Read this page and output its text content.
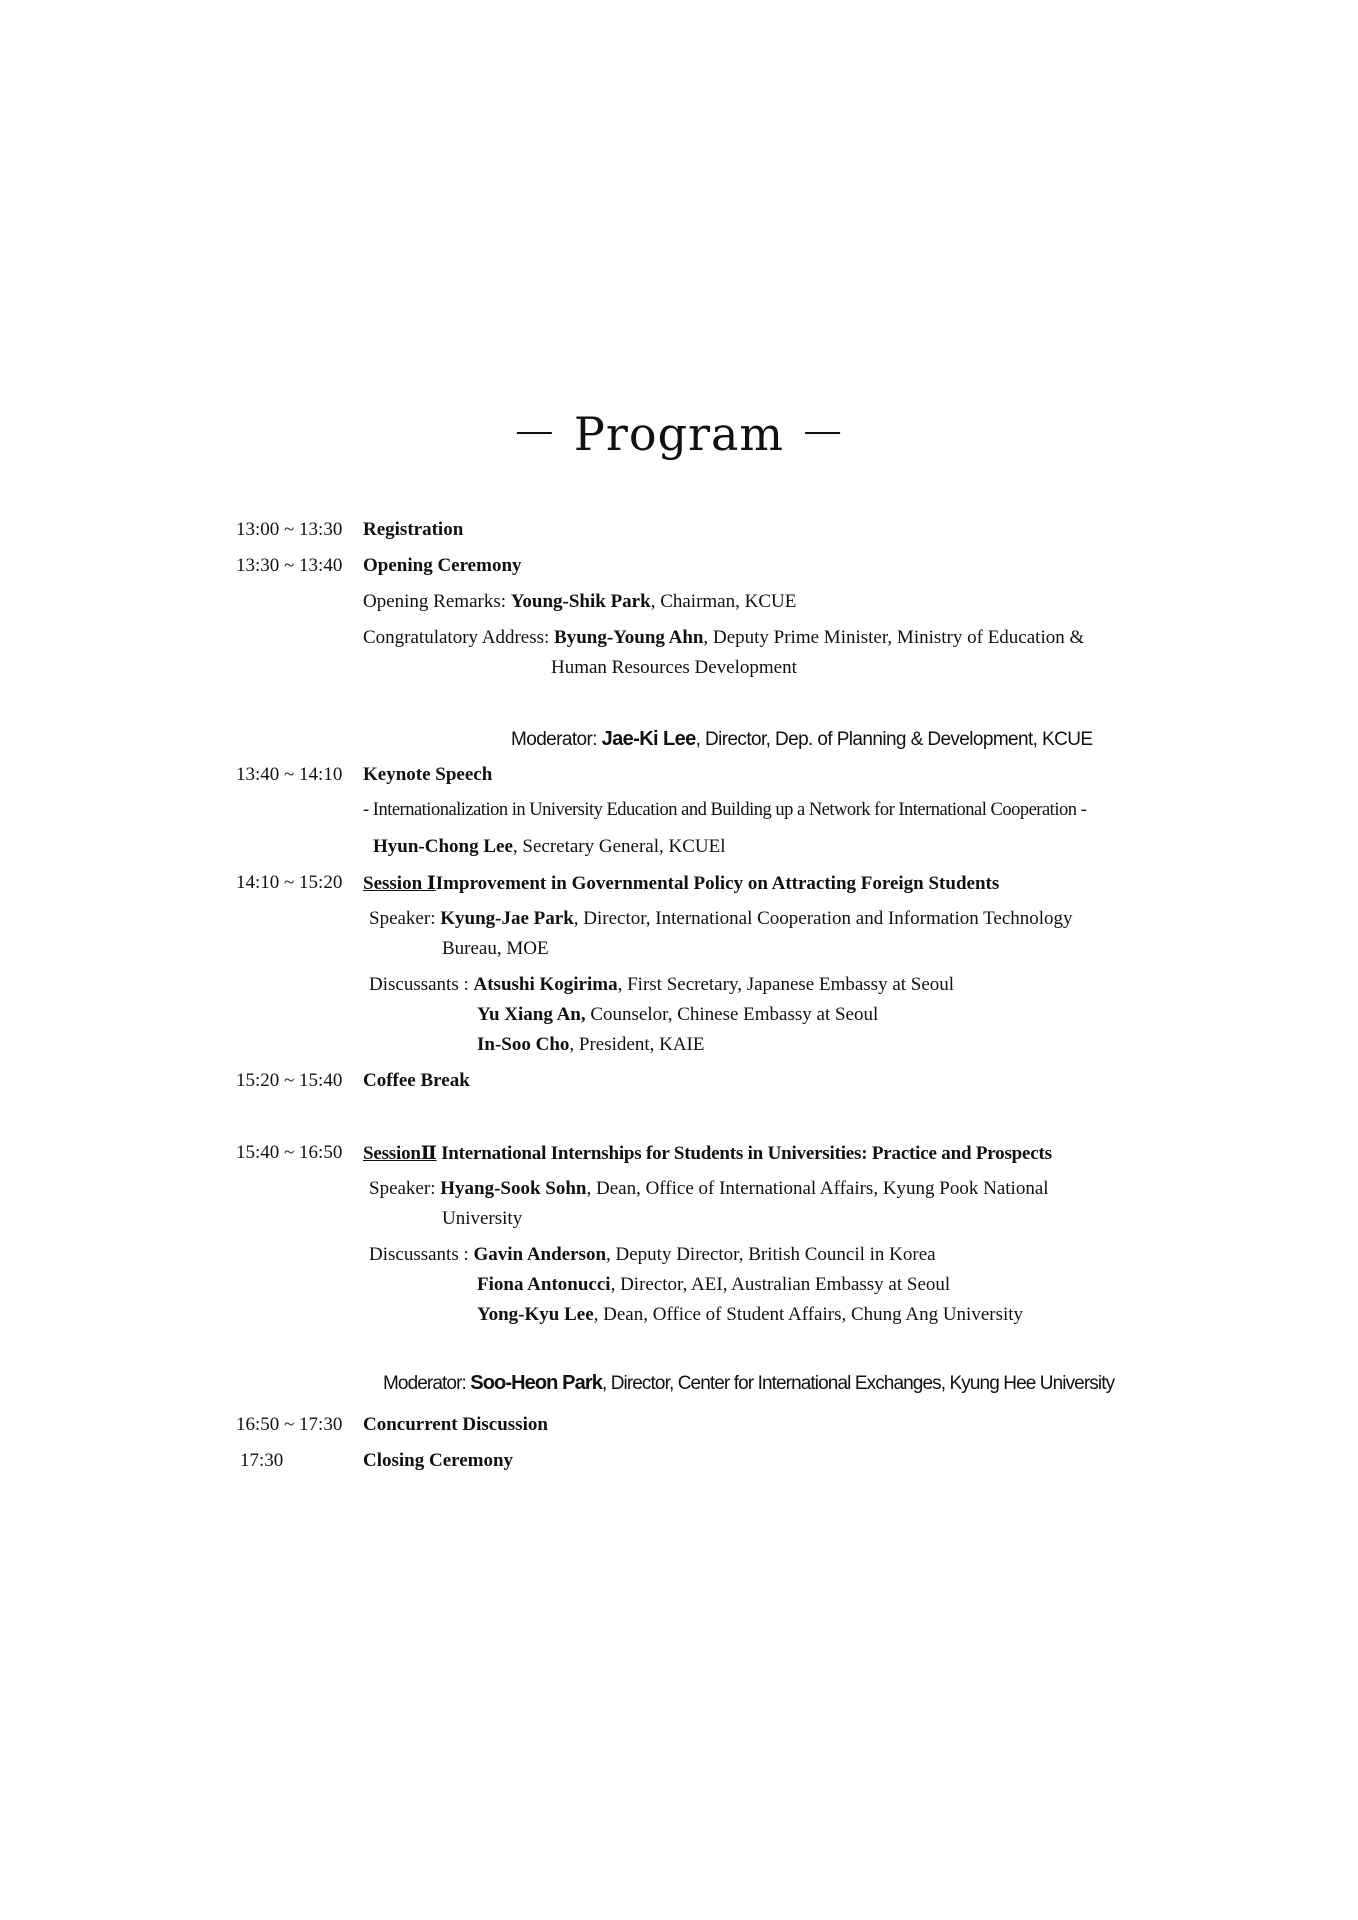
－ Program －
13:00 ~ 13:30 Registration
13:30 ~ 13:40 Opening Ceremony
Opening Remarks: Young-Shik Park, Chairman, KCUE
Congratulatory Address: Byung-Young Ahn, Deputy Prime Minister, Ministry of Education &
Human Resources Development
Moderator: Jae-Ki Lee, Director, Dep. of Planning & Development, KCUE
13:40 ~ 14:10 Keynote Speech
- Internationalization in University Education and Building up a Network for International Cooperation -
Hyun-Chong Lee, Secretary General, KCUEl
14:10 ~ 15:20 Session ⅠImprovement in Governmental Policy on Attracting Foreign Students
Speaker: Kyung-Jae Park, Director, International Cooperation and Information Technology
Bureau, MOE
Discussants : Atsushi Kogirima, First Secretary, Japanese Embassy at Seoul
Yu Xiang An, Counselor, Chinese Embassy at Seoul
In-Soo Cho, President, KAIE
15:20 ~ 15:40 Coffee Break
15:40 ~ 16:50 SessionⅡ International Internships for Students in Universities: Practice and Prospects
Speaker: Hyang-Sook Sohn, Dean, Office of International Affairs, Kyung Pook National
University
Discussants : Gavin Anderson, Deputy Director, British Council in Korea
Fiona Antonucci, Director, AEI, Australian Embassy at Seoul
Yong-Kyu Lee, Dean, Office of Student Affairs, Chung Ang University
Moderator: Soo-Heon Park, Director, Center for International Exchanges, Kyung Hee University
16:50 ~ 17:30 Concurrent Discussion
17:30	Closing Ceremony
